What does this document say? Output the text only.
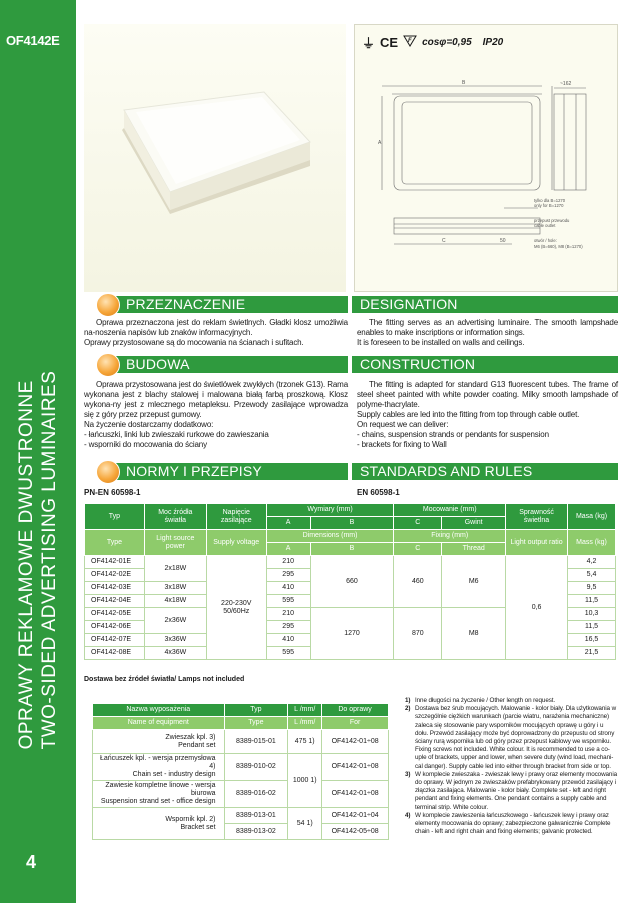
OF4142E
OPRAWY REKLAMOWE DWUSTRONNE TWO-SIDED ADVERTISING LUMINAIRES
4
⏚ CE F cosφ=0,95 IP20
B
A
~162
C	50
tylko dla B=1270
only for B=1270
przepust przewodu
cable outlet
otwór / hole:
M6 (B=660), M8 (B=1270)
PRZEZNACZENIE	DESIGNATION

Oprawa przeznaczona jest do reklam świetlnych. Gładki klosz umożliwia na-noszenia napisów lub znaków informacyjnych.

Oprawy przystosowane są do mocowania na ścianach i sufitach.

The fitting serves as an advertising luminaire. The smooth lampshade enables to make inscriptions or information sings.

It is foreseen to be installed on walls and ceilings.

BUDOWA	CONSTRUCTION

Oprawa przystosowana jest do świetlówek zwykłych (trzonek G13). Rama wykonana jest z blachy stalowej i malowana białą farbą proszkową. Klosz wykona-ny jest z mlecznego metapleksu. Przewody zasilające wprowadza się z góry przez przepust gumowy.

Na życzenie dostarczamy dodatkowo:

- łańcuszki, linki lub zwieszaki rurkowe do zawieszania

- wsporniki do mocowania do ściany

The fitting is adapted for standard G13 fluorescent tubes. The frame of steel sheet painted with white powder coating. Milky smooth lampshade of polyme-thacrylate.

Supply cables are led into the fitting from top through cable outlet.

On request we can deliver:

- chains, suspension strands or pendants for suspension

- brackets for fixing to Wall

NORMY I PRZEPISY	STANDARDS AND RULES
PN-EN 60598-1	EN 60598-1
Typ	Moc źródła światła	Napięcie zasilające	Wymiary (mm)		Mocowanie (mm)		Sprawność świetlna	Masa (kg)
			A	B	C	Gwint		
Type	Light source power	Supply voltage	Dimensions (mm)		Fixing (mm)		Light output ratio	Mass (kg)
			A	B	C	Thread		
OF4142-01E	2x18W	220-230V 50/60Hz	210	660	460	M6	0,6	4,2
OF4142-02E			295					5,4
OF4142-03E	3x18W		410					9,5
OF4142-04E	4x18W		595					11,5
OF4142-05E	2x36W		210	1270	870	M8		10,3
OF4142-06E			295					11,5
OF4142-07E	3x36W		410					16,5
OF4142-08E	4x36W		595					21,5
Dostawa bez źródeł światła/ Lamps not included
Nazwa wyposażenia	Typ	L /mm/	Do oprawy
Name of equipment	Type	L /mm/	For

Zwieszak kpl. 3)
Pendant set	8389-015-01	475 1)	OF4142-01÷08

Łańcuszek kpl. - wersja przemysłowa 4)
Chain set - industry design	8389-010-02	1000 1)	OF4142-01÷08

Zawiesie kompletne linowe - wersja biurowa
Suspension strand set - office design	8389-016-02		OF4142-01÷08

Wspornik kpl. 2)
Bracket set	8389-013-01	54 1)	OF4142-01÷04
	8389-013-02		OF4142-05÷08
1) Inne długości na życzenie / Other length on request.
2) Dostawa bez śrub mocujących. Malowanie - kolor biały. Dla użytkowania w szczególnie ciężkich warunkach (parcie wiatru, narażenia mechaniczne) zaleca się stosowanie pary wsporników mocujących oprawę u góry i u dołu. Przewód zasilający może być doprowadzony do przepustu od strony ściany rurą wspornika lub od góry przez przepust kablowy we wsporniku. Fixing screws not included. White colour. It is recommended to use a co-uple of brackets, upper and lower, when severe duty (wind load, mechani-cal danger). Supply cable led into either through bracket from side or top.
3) W komplecie zwieszaka - zwieszak lewy i prawy oraz elementy mocowania do oprawy. W jednym ze zwieszaków prefabrykowany przewód zasilający i złączka zasilająca. Malowanie - kolor biały. Complete set - left and right pendant and fixing elements. One pendant contains a supply cable and terminal strip. White colour.
4) W komplecie zawieszenia łańcuszkowego - łańcuszek lewy i prawy oraz elementy mocowania do oprawy; zabezpieczone galwanicznie Complete chain - left and right chain and fixing elements; galvanic protected.
